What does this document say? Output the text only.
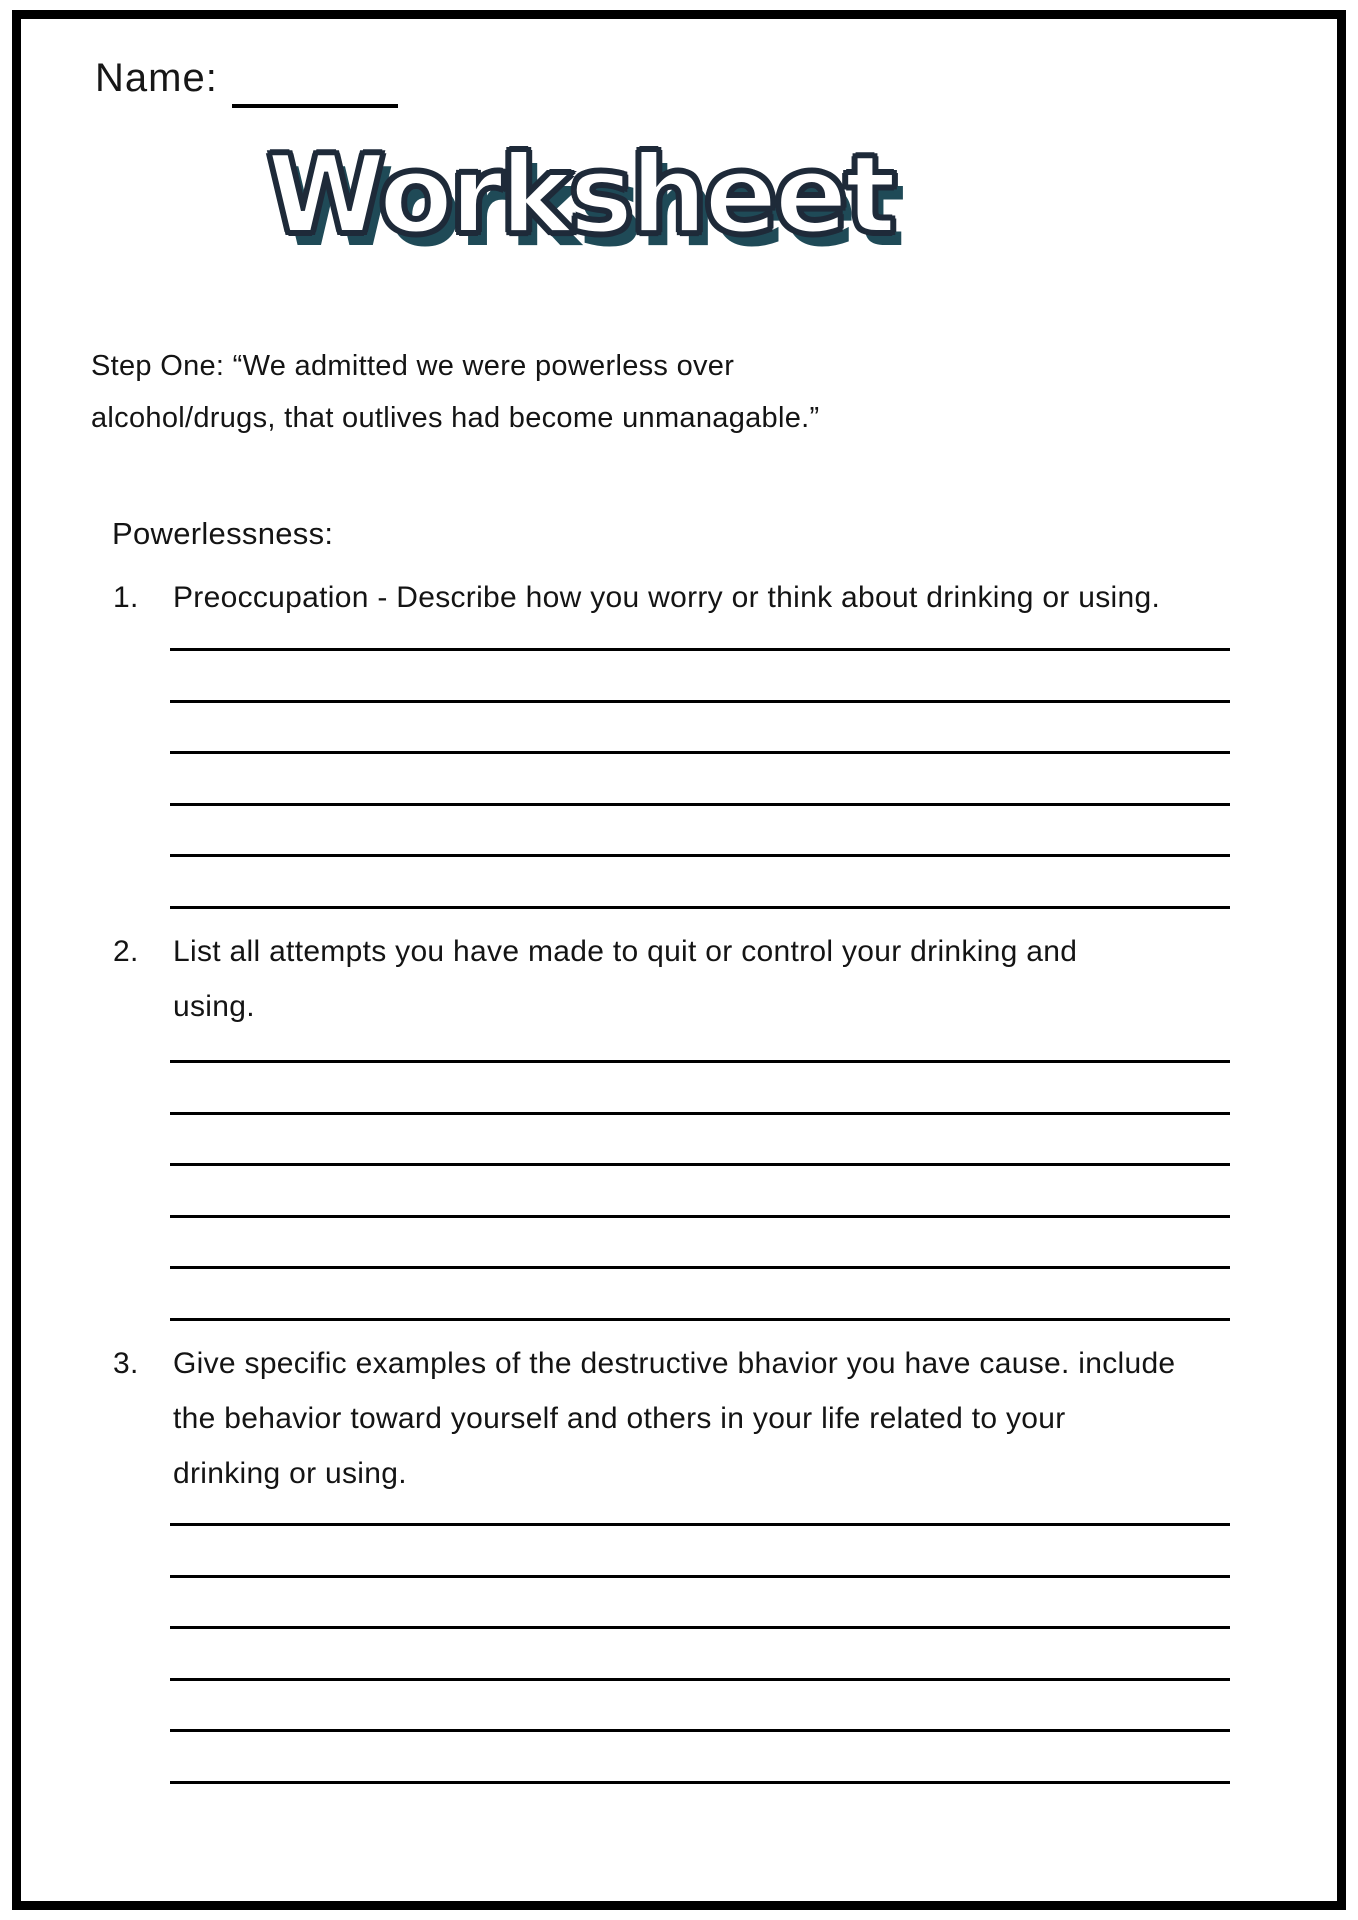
Name:
Worksheet
Step One: “We admitted we were powerless over
alcohol/drugs, that outlives had become unmanagable.”
Powerlessness:
1.	Preoccupation - Describe how you worry or think about drinking or using.
2.	List all attempts you have made to quit or control your drinking and
using.
3.	Give specific examples of the destructive bhavior you have cause. include
the behavior toward yourself and others in your life related to your
drinking or using.
